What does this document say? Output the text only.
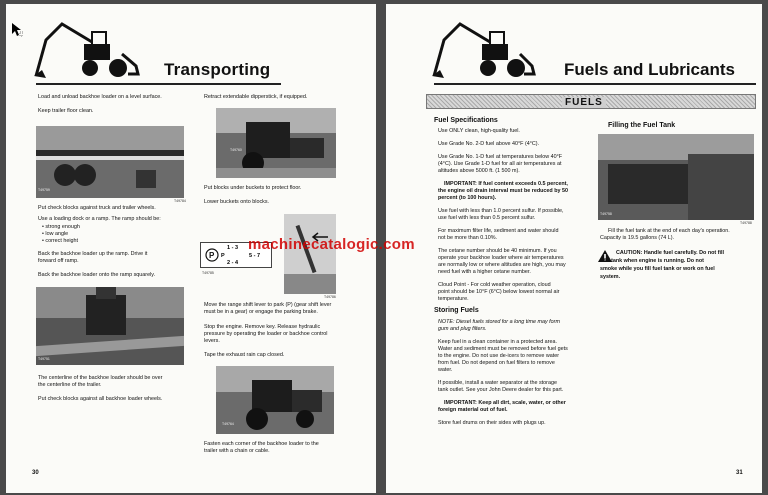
Transporting
Load and unload backhoe loader on a level surface.
Keep trailer floor clean.
T49759
T49784
Put check blocks against truck and trailer wheels.
Use a loading dock or a ramp. The ramp should be:
• strong enough
• low angle
• correct height
Back the backhoe loader up the ramp. Drive it
forward off ramp.
Back the backhoe loader onto the ramp squarely.
T49751
The centerline of the backhoe loader should be over
the centerline of the trailer.
Put check blocks against all backhoe loader wheels.
Retract extendable dipperstick, if equipped.
T49760
Put blocks under buckets to protect floor.
Lower buckets onto blocks.
P
1 - 3
P
2 - 4
5 - 7
T49785
T49786
Move the range shift lever to park (P) (gear shift lever
must be in a gear) or engage the parking brake.
Stop the engine. Remove key. Release hydraulic
pressure by operating the loader or backhoe control
levers.
Tape the exhaust rain cap closed.
T49764
Fasten each corner of the backhoe loader to the
trailer with a chain or cable.
30
Fuels and Lubricants
FUELS
Fuel Specifications
Use ONLY clean, high-quality fuel.
Use Grade No. 2-D fuel above 40°F (4°C).
Use Grade No. 1-D fuel at temperatures below 40°F
(4°C). Use Grade 1-D fuel for all air temperatures at
altitudes above 5000 ft. (1 500 m).
IMPORTANT: If fuel content exceeds 0.5 percent,
the engine oil drain interval must be reduced by 50
percent (to 100 hours).
Use fuel with less than 1.0 percent sulfur. If possible,
use fuel with less than 0.5 percent sulfur.
For maximum filter life, sediment and water should
not be more than 0.10%.
The cetane number should be 40 minimum. If you
operate your backhoe loader where air temperatures
are normally low or where altitudes are high, you may
need fuel with a higher cetane number.
Cloud Point - For cold weather operation, cloud
point should be 10°F (6°C) below lowest normal air
temperature.
Storing Fuels
NOTE: Diesel fuels stored for a long time may form
gum and plug filters.
Keep fuel in a clean container in a protected area.
Water and sediment must be removed before fuel gets
to the engine. Do not use de-icers to remove water
from fuel. Do not depend on fuel filters to remove
water.
If possible, install a water separator at the storage
tank outlet. See your John Deere dealer for this part.
IMPORTANT: Keep all dirt, scale, water, or other
foreign material out of fuel.
Store fuel drums on their sides with plugs up.
Filling the Fuel Tank
T49758
T49788
Fill the fuel tank at the end of each day's operation.
Capacity is 19.5 gallons (74 L).
CAUTION: Handle fuel carefully. Do not fill
fuel tank when engine is running. Do not
smoke while you fill fuel tank or work on fuel
system.
31
machinecatalogic.com
